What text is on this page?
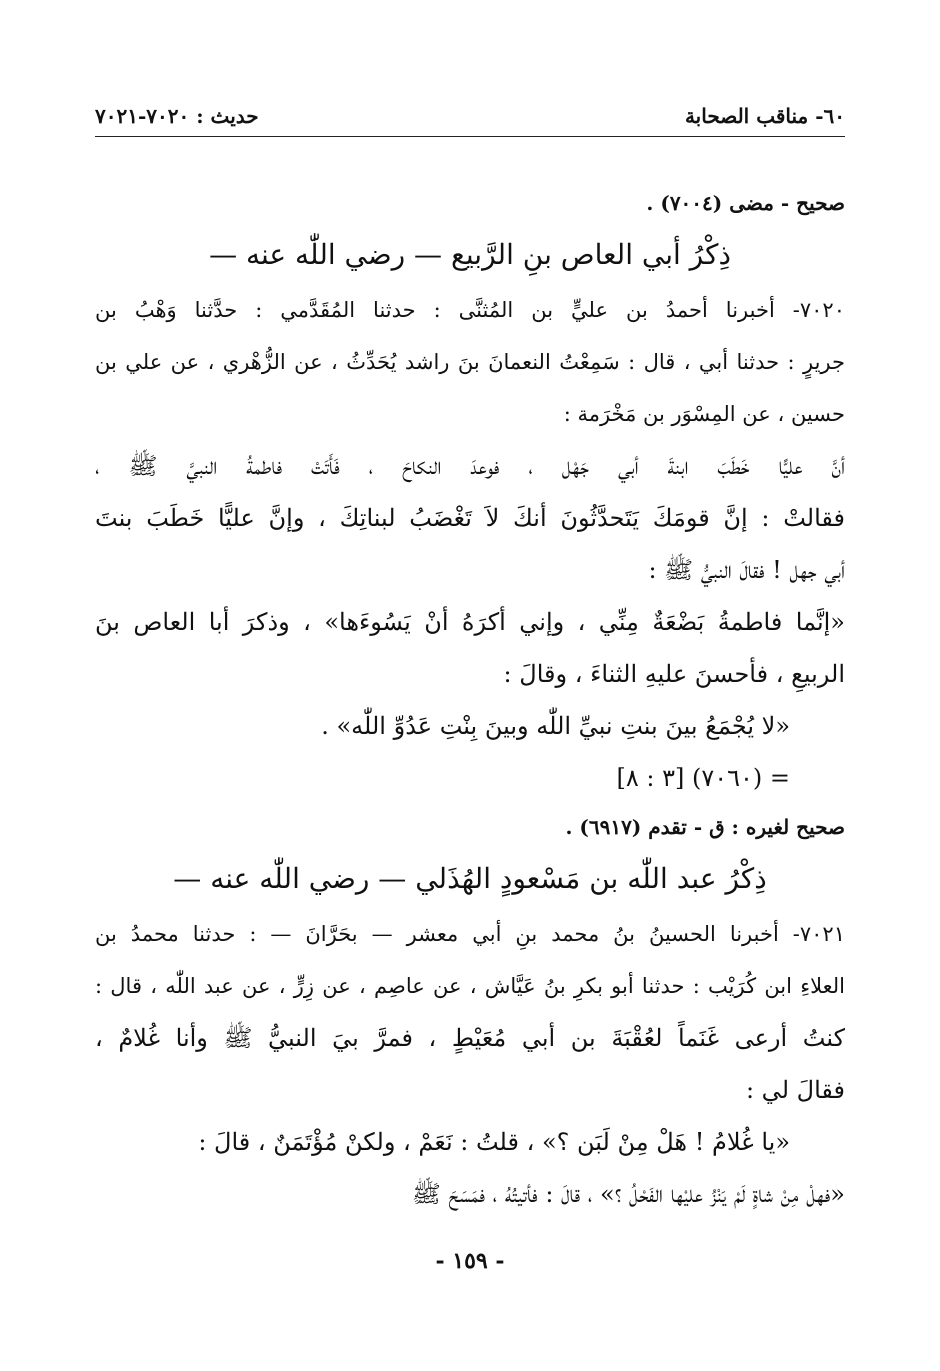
٦٠- مناقب الصحابة
حديث : ٧٠٢٠-٧٠٢١
صحيح - مضى (٧٠٠٤) .
ذِكْرُ أبي العاص بنِ الرَّبيع — رضي اللّٰه عنه —
٧٠٢٠- أخبرنا أحمدُ بن عليٍّ بن المُثنَّى : حدثنا المُقَدَّمي : حدَّثنا وَهْبُ بن
جريرٍ : حدثنا أبي ، قال : سَمِعْتُ النعمانَ بنَ راشد يُحَدِّثُ ، عن الزُّهْري ، عن علي بن
حسين ، عن المِسْوَر بن مَخْرَمة :
أنَّ عليًّا خَطَبَ ابنةَ أبي جَهْل ، فوعدَ النكاحَ ، فَأَتَتْ فاطمةُ النبيَّ ﷺ ،
فقالتْ : إنَّ قومَكَ يَتَحدَّثُونَ أنكَ لاَ تَغْضَبُ لبناتِكَ ، وإنَّ عليًّا خَطَبَ بنتَ
أبي جهل ! فقالَ النبيُّ ﷺ :
«إنَّما فاطمةُ بَضْعَةٌ مِنِّي ، وإني أكرَهُ أنْ يَسُوءَها» ، وذكرَ أبا العاص بنَ
الربيعِ ، فأحسنَ عليهِ الثناءَ ، وقالَ :
«لا يُجْمَعُ بينَ بنتِ نبيِّ اللّٰه وبينَ بِنْتِ عَدُوِّ اللّٰه» .
= (٧٠٦٠) [٣ : ٨]
صحيح لغيره : ق - تقدم (٦٩١٧) .
ذِكْرُ عبد اللّٰه بن مَسْعودٍ الهُذَلي — رضي اللّٰه عنه —
٧٠٢١- أخبرنا الحسينُ بنُ محمد بنِ أبي معشر — بحَرَّانَ — : حدثنا محمدُ بن
العلاءِ ابن كُرَيْب : حدثنا أبو بكرِ بنُ عَيَّاش ، عن عاصِم ، عن زِرٍّ ، عن عبد اللّٰه ، قال :
كنتُ أرعى غَنَماً لعُقْبَةَ بن أبي مُعَيْطٍ ، فمرَّ بيَ النبيُّ ﷺ وأنا غُلامٌ ،
فقالَ لي :
«يا غُلامُ ! هَلْ مِنْ لَبَن ؟» ، قلتُ : نَعَمْ ، ولكنْ مُؤْتَمَنٌ ، قالَ :
«فهلْ مِنْ شاةٍ لَمْ يَنْزُ عليْها الفَحْلُ ؟» ، قالَ : فأتيتُهُ ، فمَسَحَ ﷺ
- ١٥٩ -
